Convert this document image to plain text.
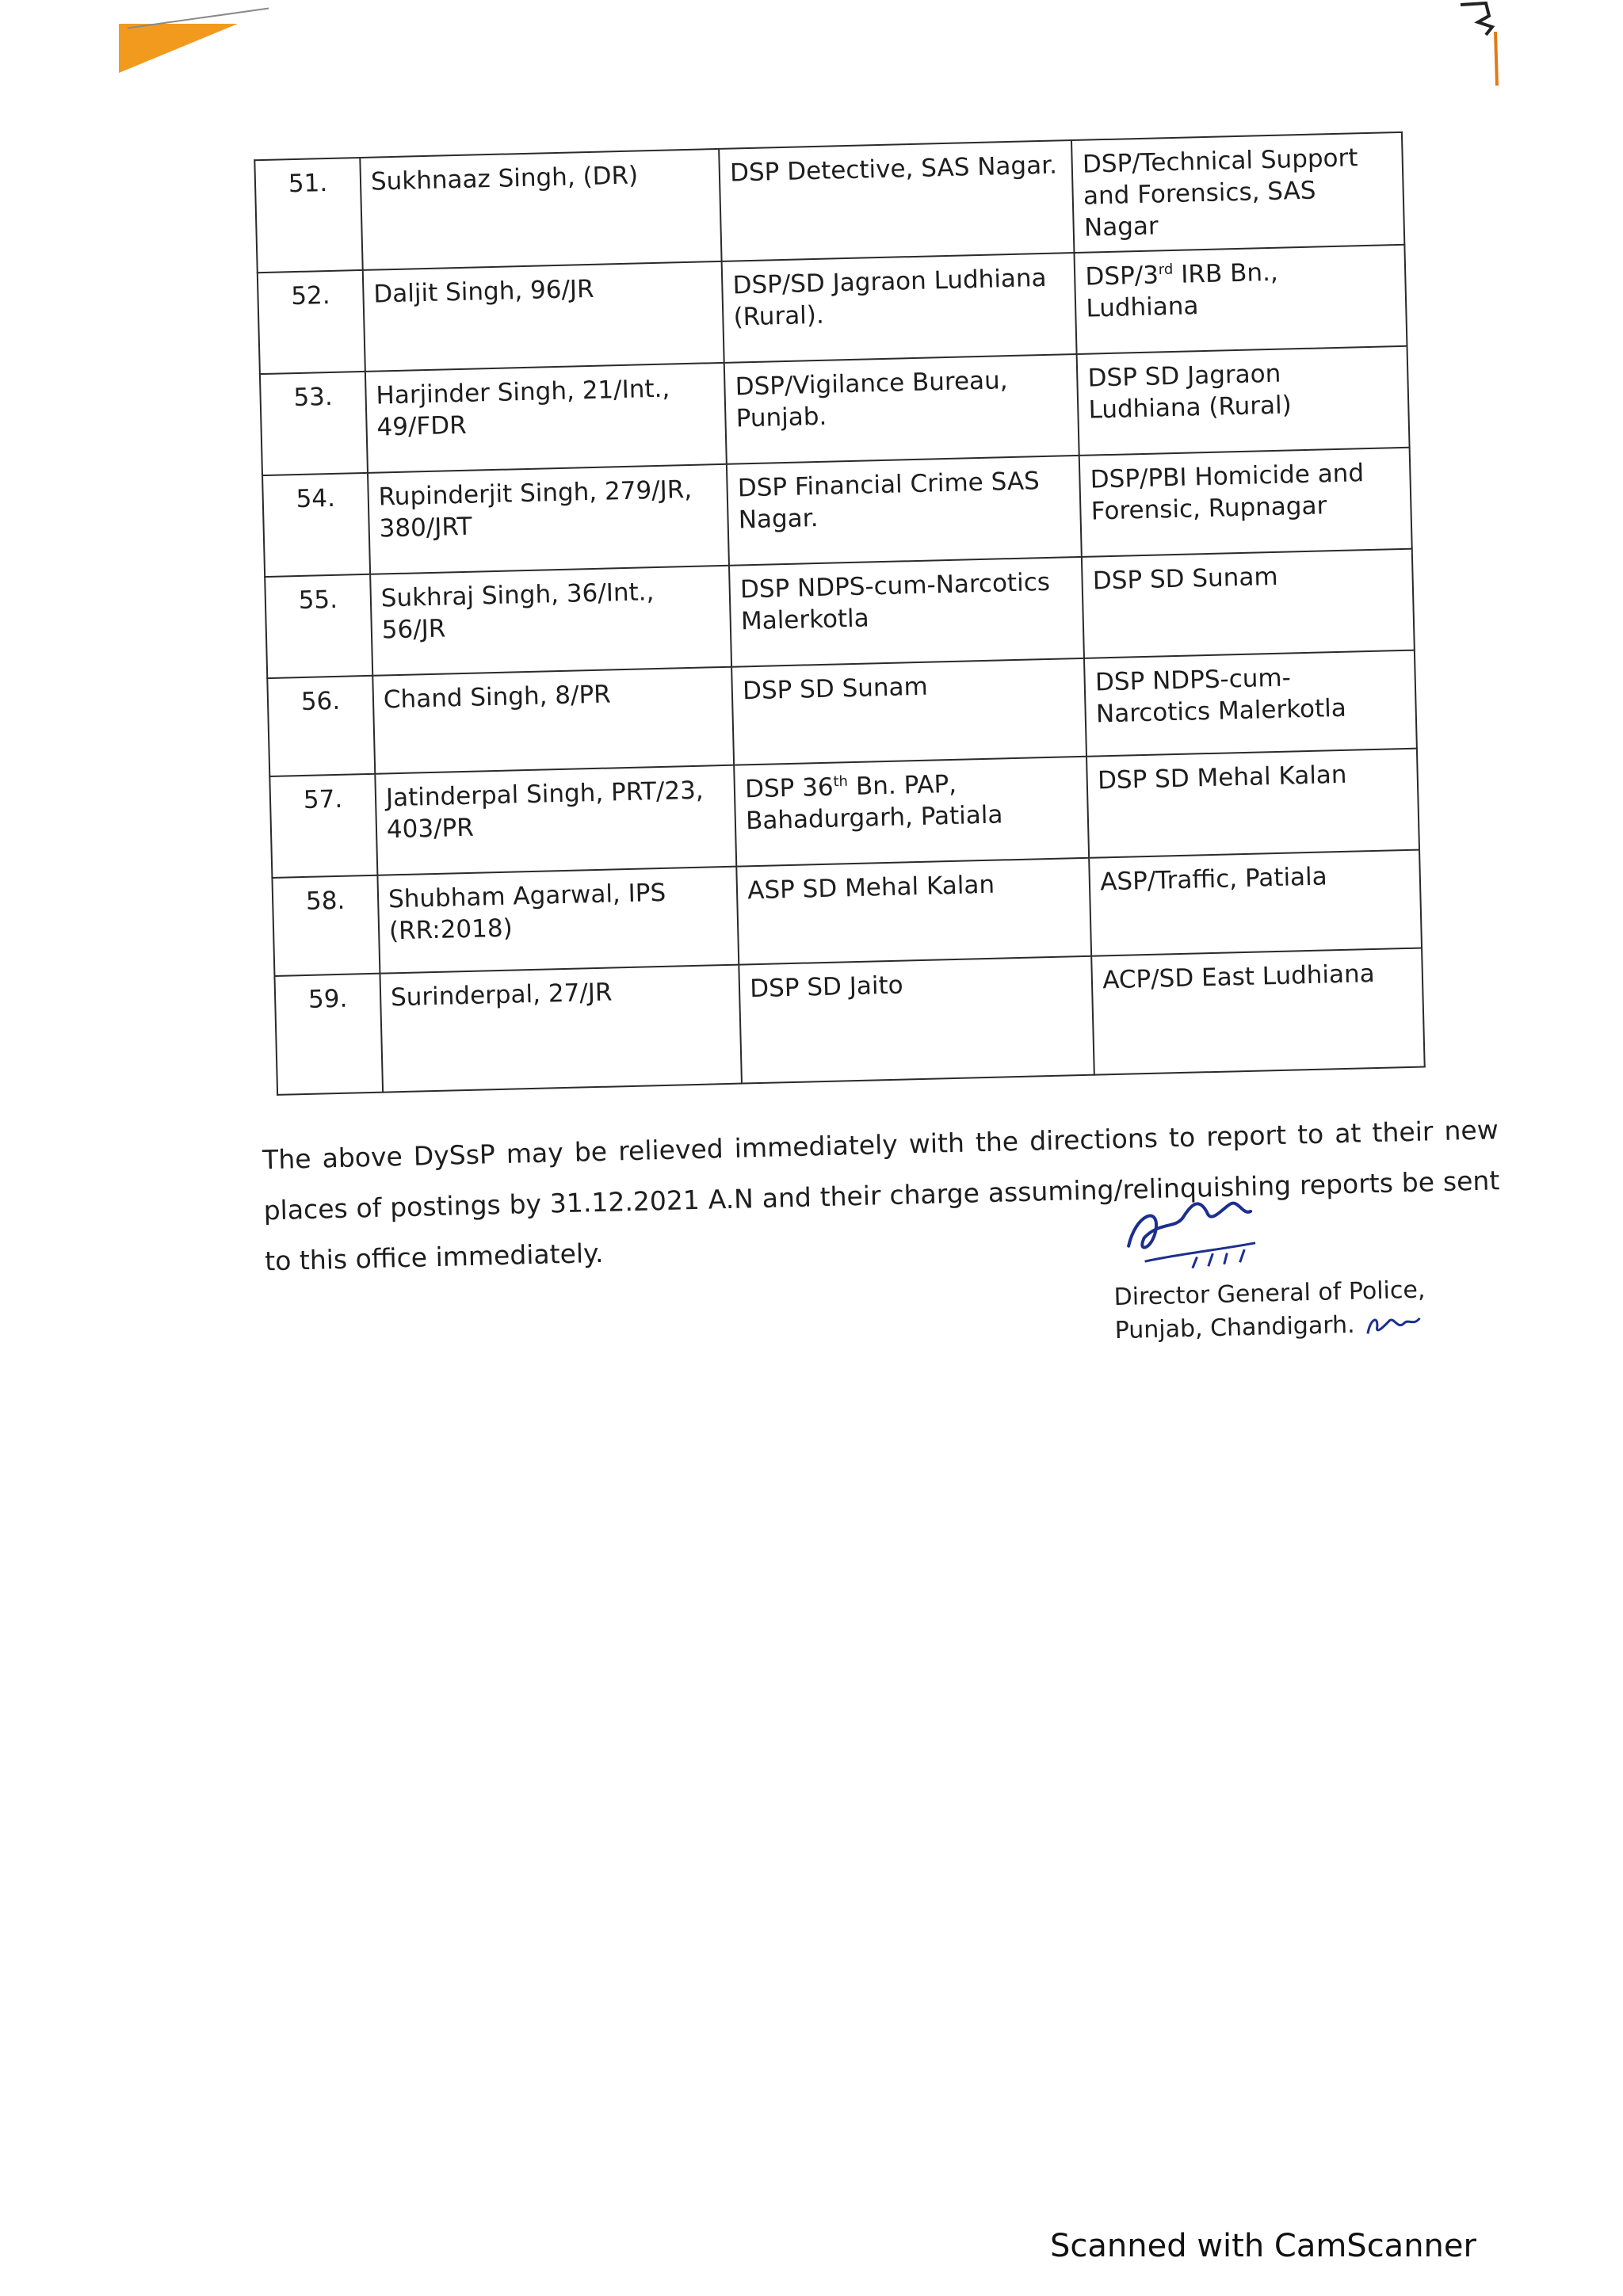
51.	Sukhnaaz Singh, (DR)	DSP Detective, SAS Nagar.	DSP/Technical Support and Forensics, SAS Nagar
52.	Daljit Singh, 96/JR	DSP/SD Jagraon Ludhiana (Rural).	DSP/3rd IRB Bn., Ludhiana
53.	Harjinder Singh, 21/Int., 49/FDR	DSP/Vigilance Bureau, Punjab.	DSP SD Jagraon Ludhiana (Rural)
54.	Rupinderjit Singh, 279/JR, 380/JRT	DSP Financial Crime SAS Nagar.	DSP/PBI Homicide and Forensic, Rupnagar
55.	Sukhraj Singh, 36/Int., 56/JR	DSP NDPS-cum-Narcotics Malerkotla	DSP SD Sunam
56.	Chand Singh, 8/PR	DSP SD Sunam	DSP NDPS-cum-Narcotics Malerkotla
57.	Jatinderpal Singh, PRT/23, 403/PR	DSP 36th Bn. PAP, Bahadurgarh, Patiala	DSP SD Mehal Kalan
58.	Shubham Agarwal, IPS (RR:2018)	ASP SD Mehal Kalan	ASP/Traffic, Patiala
59.	Surinderpal, 27/JR	DSP SD Jaito	ACP/SD East Ludhiana

The above DySsP may be relieved immediately with the directions to report to at their new places of postings by 31.12.2021 A.N and their charge assuming/relinquishing reports be sent to this office immediately.

Director General of Police,
Punjab, Chandigarh.
Scanned with CamScanner
